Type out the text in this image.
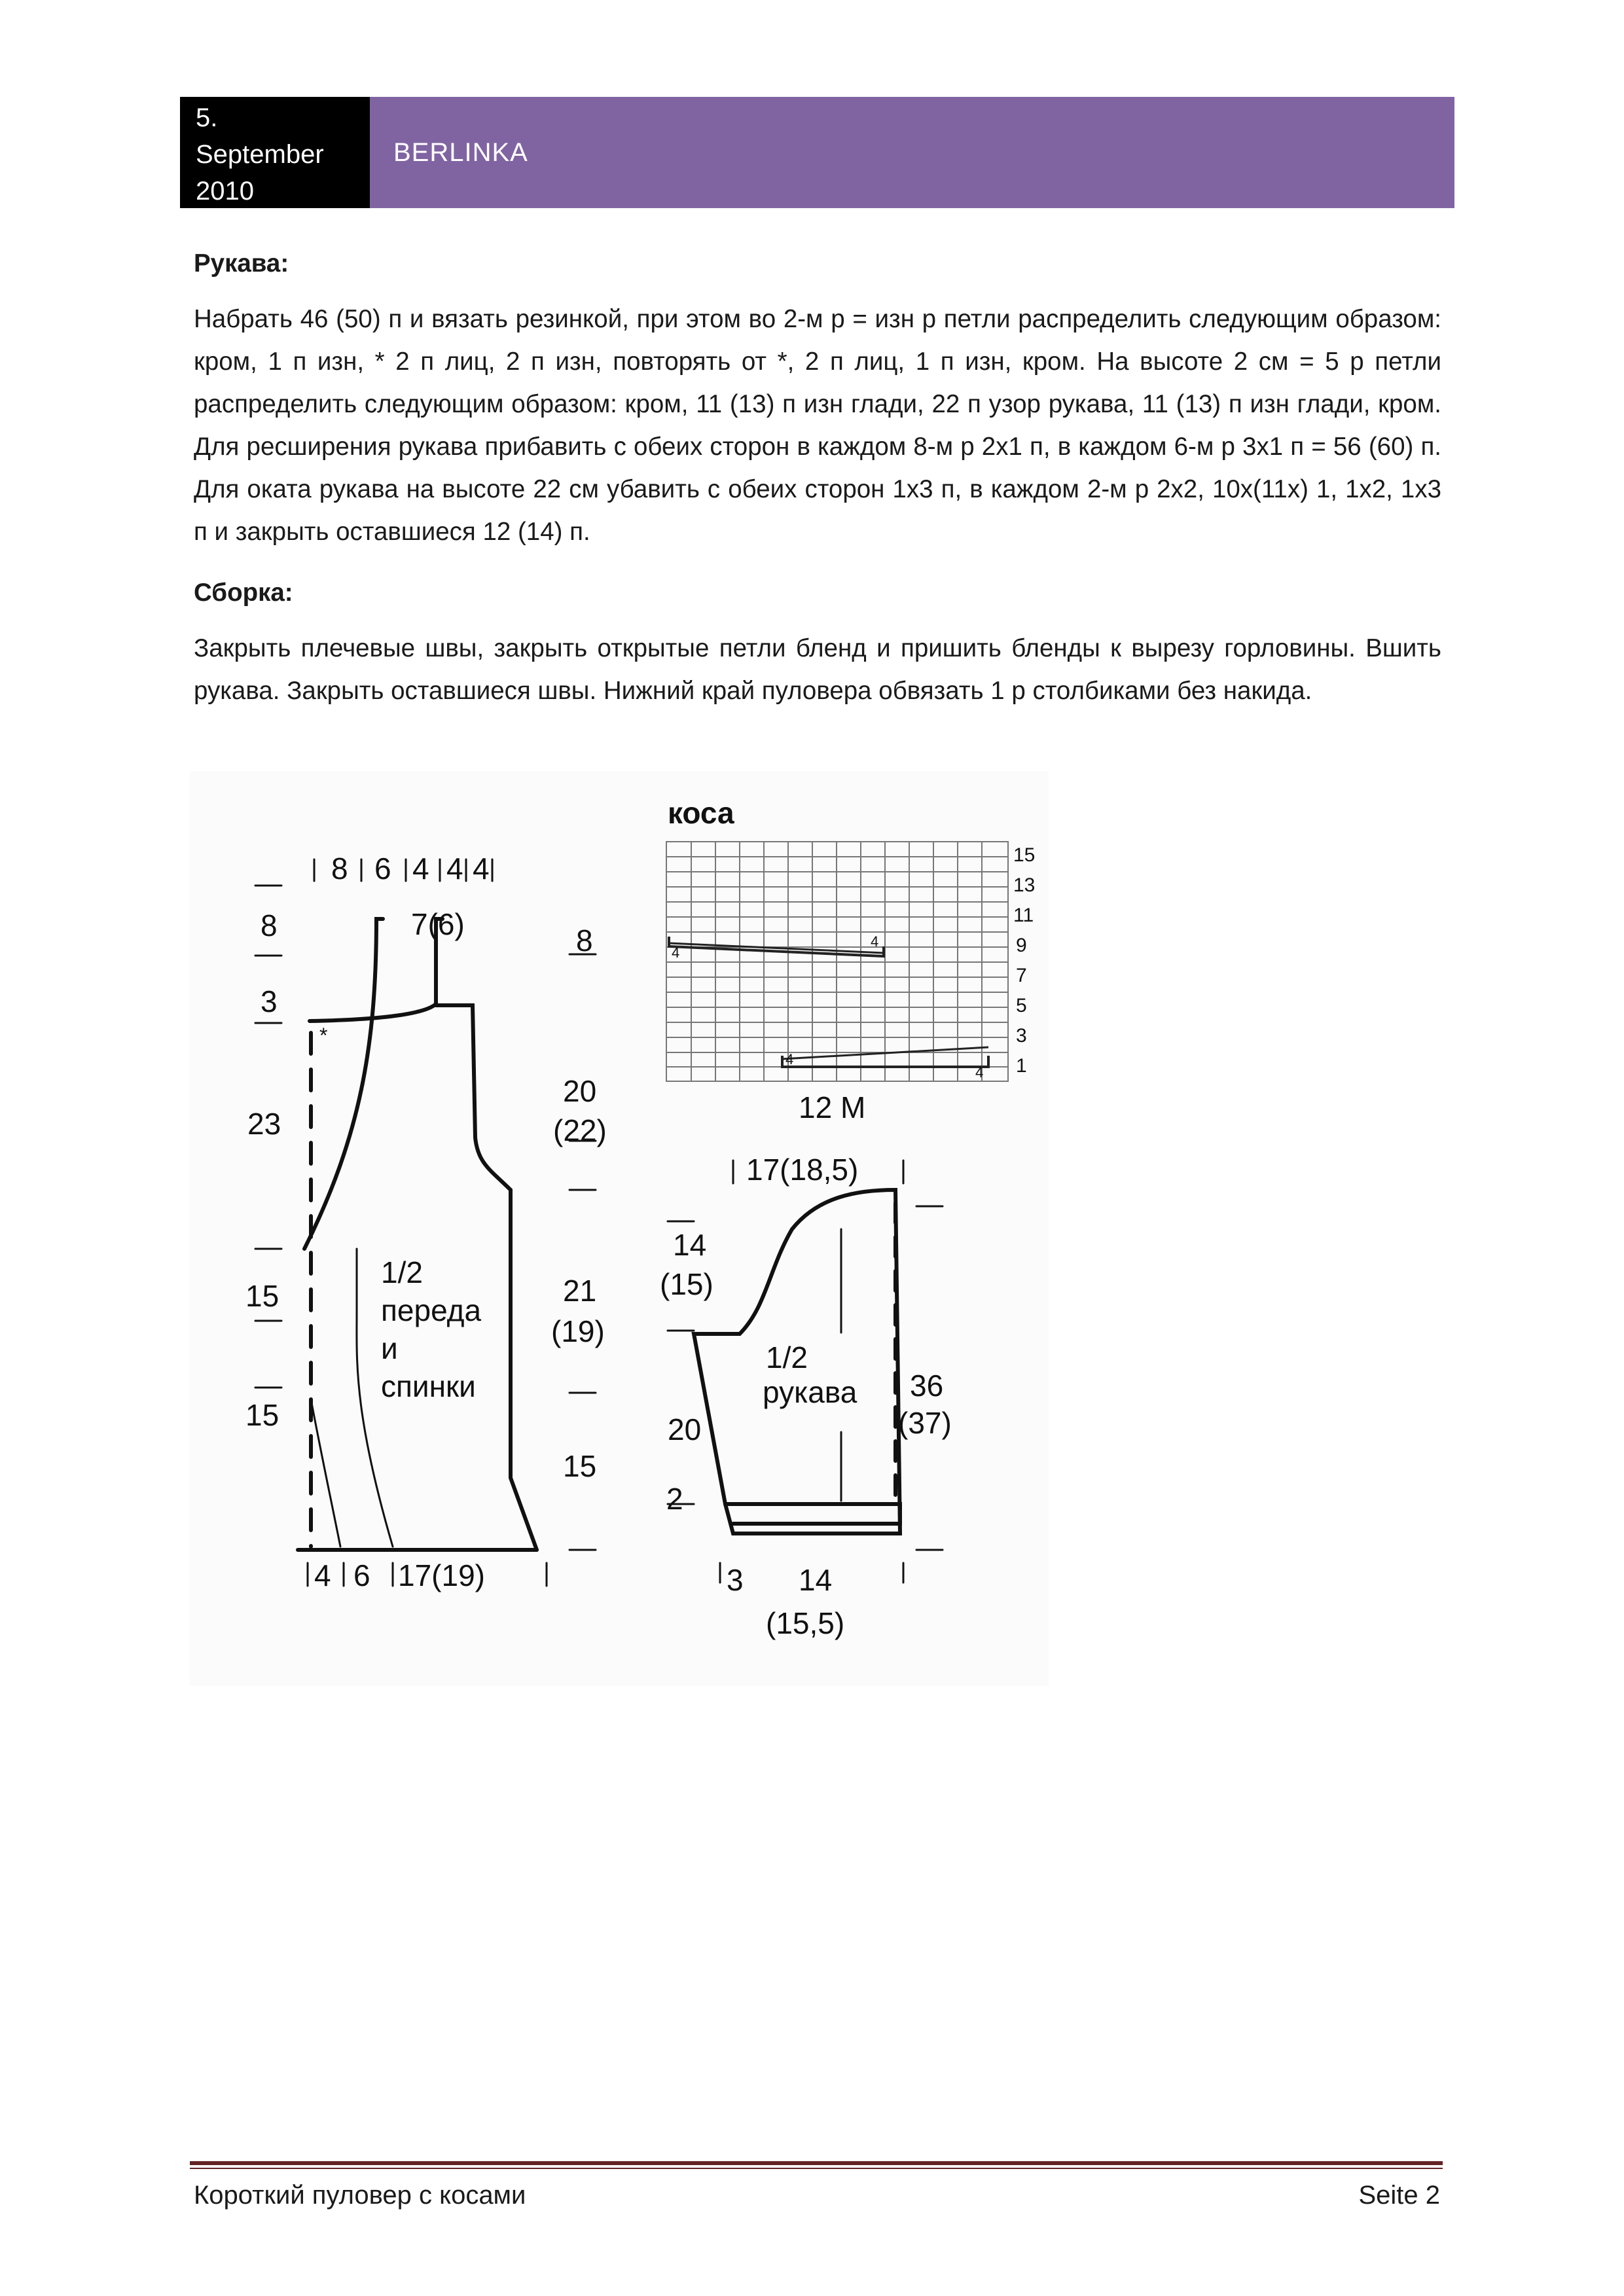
5.
September
2010
BERLINKA
Рукава:
Набрать 46 (50) п и вязать резинкой, при этом во 2-м р = изн р петли распределить следующим образом: кром, 1 п изн, * 2 п лиц, 2 п изн, повторять от *, 2 п лиц, 1 п изн, кром. На высоте 2 см = 5 р петли распределить следующим образом: кром, 11 (13) п изн глади, 22 п узор рукава, 11 (13) п изн глади, кром. Для ресширения рукава прибавить с обеих сторон в каждом 8-м р 2х1 п, в каждом 6-м р 3х1 п = 56 (60) п. Для оката рукава на высоте 22 см убавить с обеих сторон 1х3 п, в каждом 2-м р 2х2, 10х(11х) 1, 1х2, 1х3 п и закрыть оставшиеся 12 (14) п.
Сборка:
Закрыть плечевые швы, закрыть открытые петли бленд и пришить бленды к вырезу горловины. Вшить рукава. Закрыть оставшиеся швы. Нижний край пуловера обвязать 1 р столбиками без накида.
8 6 4 4 4
7(6)
8
3
23
15
15
*
8
20
(22)
21
(19)
15
1/2
переда
и
спинки
4 6 17(19)
коса
12 М
15
13
11
9
7
5
3
1
4
4
4
4
17(18,5)
14
(15)
20
2
36
(37)
1/2
рукава
3 14
(15,5)
Короткий пуловер с косами	Seite 2
